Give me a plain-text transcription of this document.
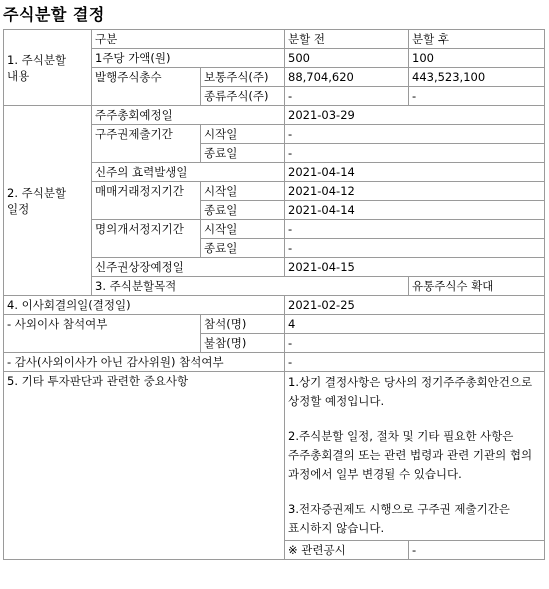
주식분할 결정
1. 주식분할 내용	구분		분할 전	분할 후
	1주당 가액(원)		500	100
	발행주식총수	보통주식(주)	88,704,620	443,523,100
		종류주식(주)	-	-
2. 주식분할 일정	주주총회예정일		2021-03-29	
	구주권제출기간	시작일	-	
		종료일	-	
	신주의 효력발생일		2021-04-14	
	매매거래정지기간	시작일	2021-04-12	
		종료일	2021-04-14	
	명의개서정지기간	시작일	-	
		종료일	-	
	신주권상장예정일		2021-04-15	
	3. 주식분할목적			유통주식수 확대
4. 이사회결의일(결정일)			2021-02-25	
- 사외이사 참석여부		참석(명)	4	
		불참(명)	-	
- 감사(사외이사가 아닌 감사위원) 참석여부			-	
5. 기타 투자판단과 관련한 중요사항			1.상기 결정사항은 당사의 정기주주총회안건으로 상정할 예정입니다.
2.주식분할 일정, 절차 및 기타 필요한 사항은 주주총회결의 또는 관련 법령과 관련 기관의 협의 과정에서 일부 변경될 수 있습니다.
3.전자증권제도 시행으로 구주권 제출기간은 표시하지 않습니다.	

			※ 관련공시	-
